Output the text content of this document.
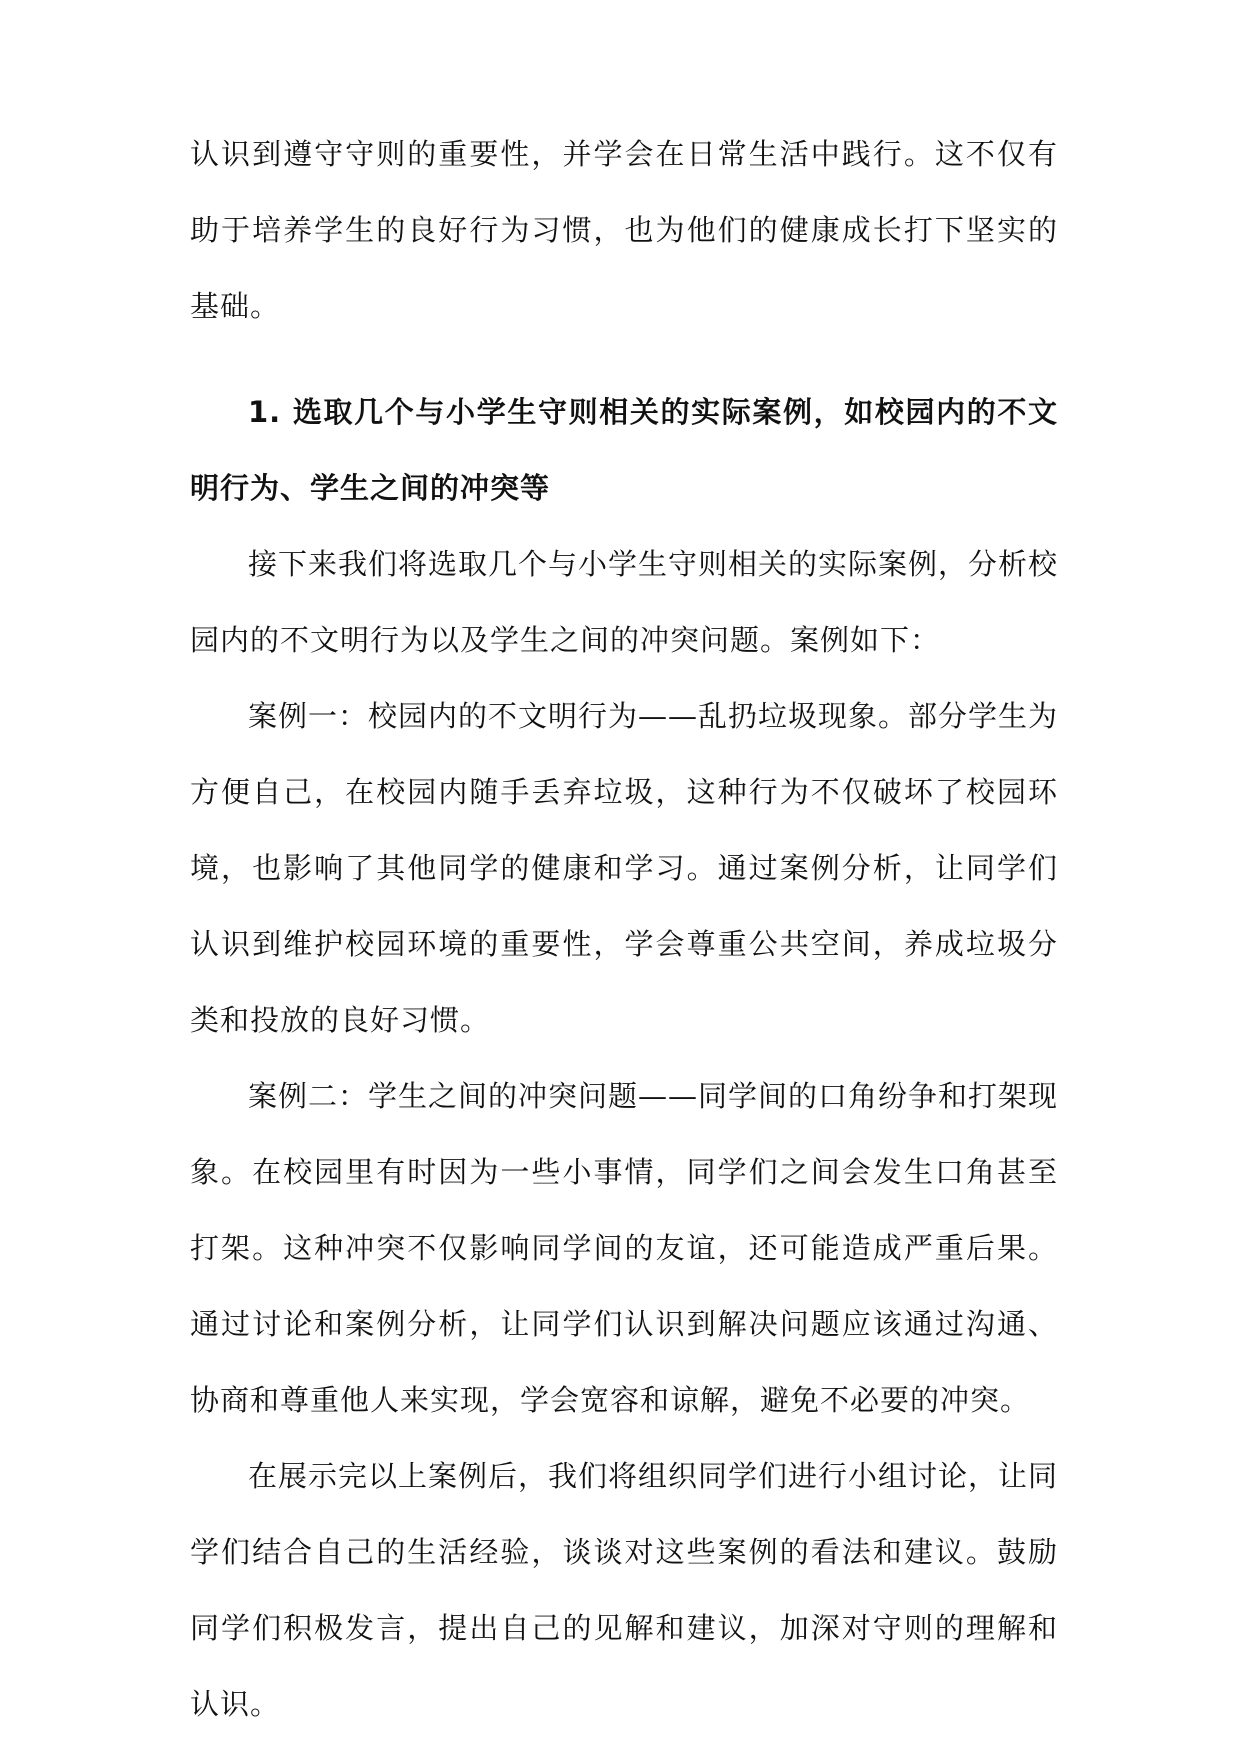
认识到遵守守则的重要性，并学会在日常生活中践行。这不仅有助于培养学生的良好行为习惯，也为他们的健康成长打下坚实的基础。

1. 选取几个与小学生守则相关的实际案例，如校园内的不文明行为、学生之间的冲突等

接下来我们将选取几个与小学生守则相关的实际案例，分析校园内的不文明行为以及学生之间的冲突问题。案例如下：

案例一：校园内的不文明行为——乱扔垃圾现象。部分学生为方便自己，在校园内随手丢弃垃圾，这种行为不仅破坏了校园环境，也影响了其他同学的健康和学习。通过案例分析，让同学们认识到维护校园环境的重要性，学会尊重公共空间，养成垃圾分类和投放的良好习惯。

案例二：学生之间的冲突问题——同学间的口角纷争和打架现象。在校园里有时因为一些小事情，同学们之间会发生口角甚至打架。这种冲突不仅影响同学间的友谊，还可能造成严重后果。通过讨论和案例分析，让同学们认识到解决问题应该通过沟通、协商和尊重他人来实现，学会宽容和谅解，避免不必要的冲突。

在展示完以上案例后，我们将组织同学们进行小组讨论，让同学们结合自己的生活经验，谈谈对这些案例的看法和建议。鼓励同学们积极发言，提出自己的见解和建议，加深对守则的理解和认识。
